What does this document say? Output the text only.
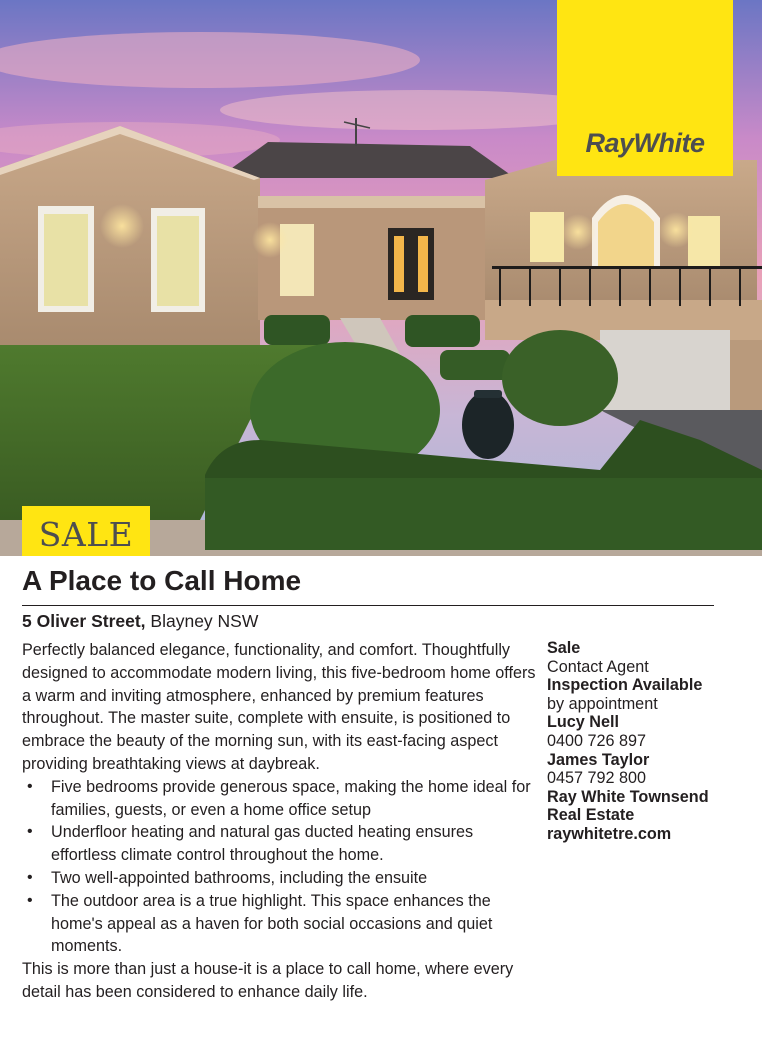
RayWhite
SALE
A Place to Call Home
5 Oliver Street, Blayney NSW

Perfectly balanced elegance, functionality, and comfort. Thoughtfully designed to accommodate modern living, this five-bedroom home offers a warm and inviting atmosphere, enhanced by premium features throughout. The master suite, complete with ensuite, is positioned to embrace the beauty of the morning sun, with its east-facing aspect providing breathtaking views at daybreak.

• Five bedrooms provide generous space, making the home ideal for families, guests, or even a home office setup
• Underfloor heating and natural gas ducted heating ensures effortless climate control throughout the home.
• Two well-appointed bathrooms, including the ensuite
• The outdoor area is a true highlight. This space enhances the home's appeal as a haven for both social occasions and quiet moments.

This is more than just a house-it is a place to call home, where every detail has been considered to enhance daily life.

Sale
Contact Agent
Inspection Available
by appointment
Lucy Nell
0400 726 897
James Taylor
0457 792 800
Ray White Townsend
Real Estate
raywhitetre.com
